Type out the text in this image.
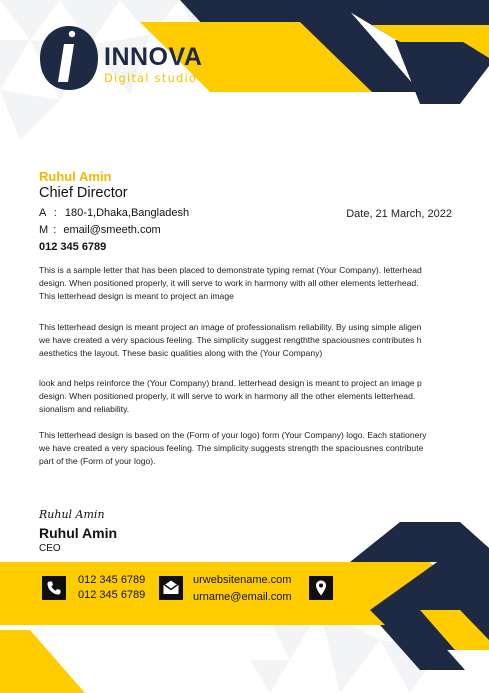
INNOVA
Digital studio
Ruhul Amin
Chief Director
A : 180-1,Dhaka,Bangladesh
M : email@smeeth.com
012 345 6789
Date, 21 March, 2022
This is a sample letter that has been placed to demonstrate typing remat (Your Company). letterhead
design. When positioned properly, it will serve to work in harmony with all other elements letterhead.
This letterhead design is meant to project an image
This letterhead design is meant project an image of professionalism reliability. By using simple aligen
we have created a very spacious feeling. The simplicity suggest rengththe spaciousnes contributes h
aesthetics the layout. These basic qualities along with the (Your Company)
look and helps reinforce the (Your Company) brand. letterhead design is meant to project an image p
design. When positioned properly, it will serve to work in harmony all the other elements letterhead.
sionalism and reliability.
This letterhead design is based on the (Form of your logo) form (Your Company) logo. Each stationery
we have created a very spacious feeling. The simplicity suggests strength the spaciousnes contribute
part of the (Form of your logo).
Ruhul Amin
Ruhul Amin
CEO
012 345 6789
012 345 6789
urwebsitename.com
urname@email.com
